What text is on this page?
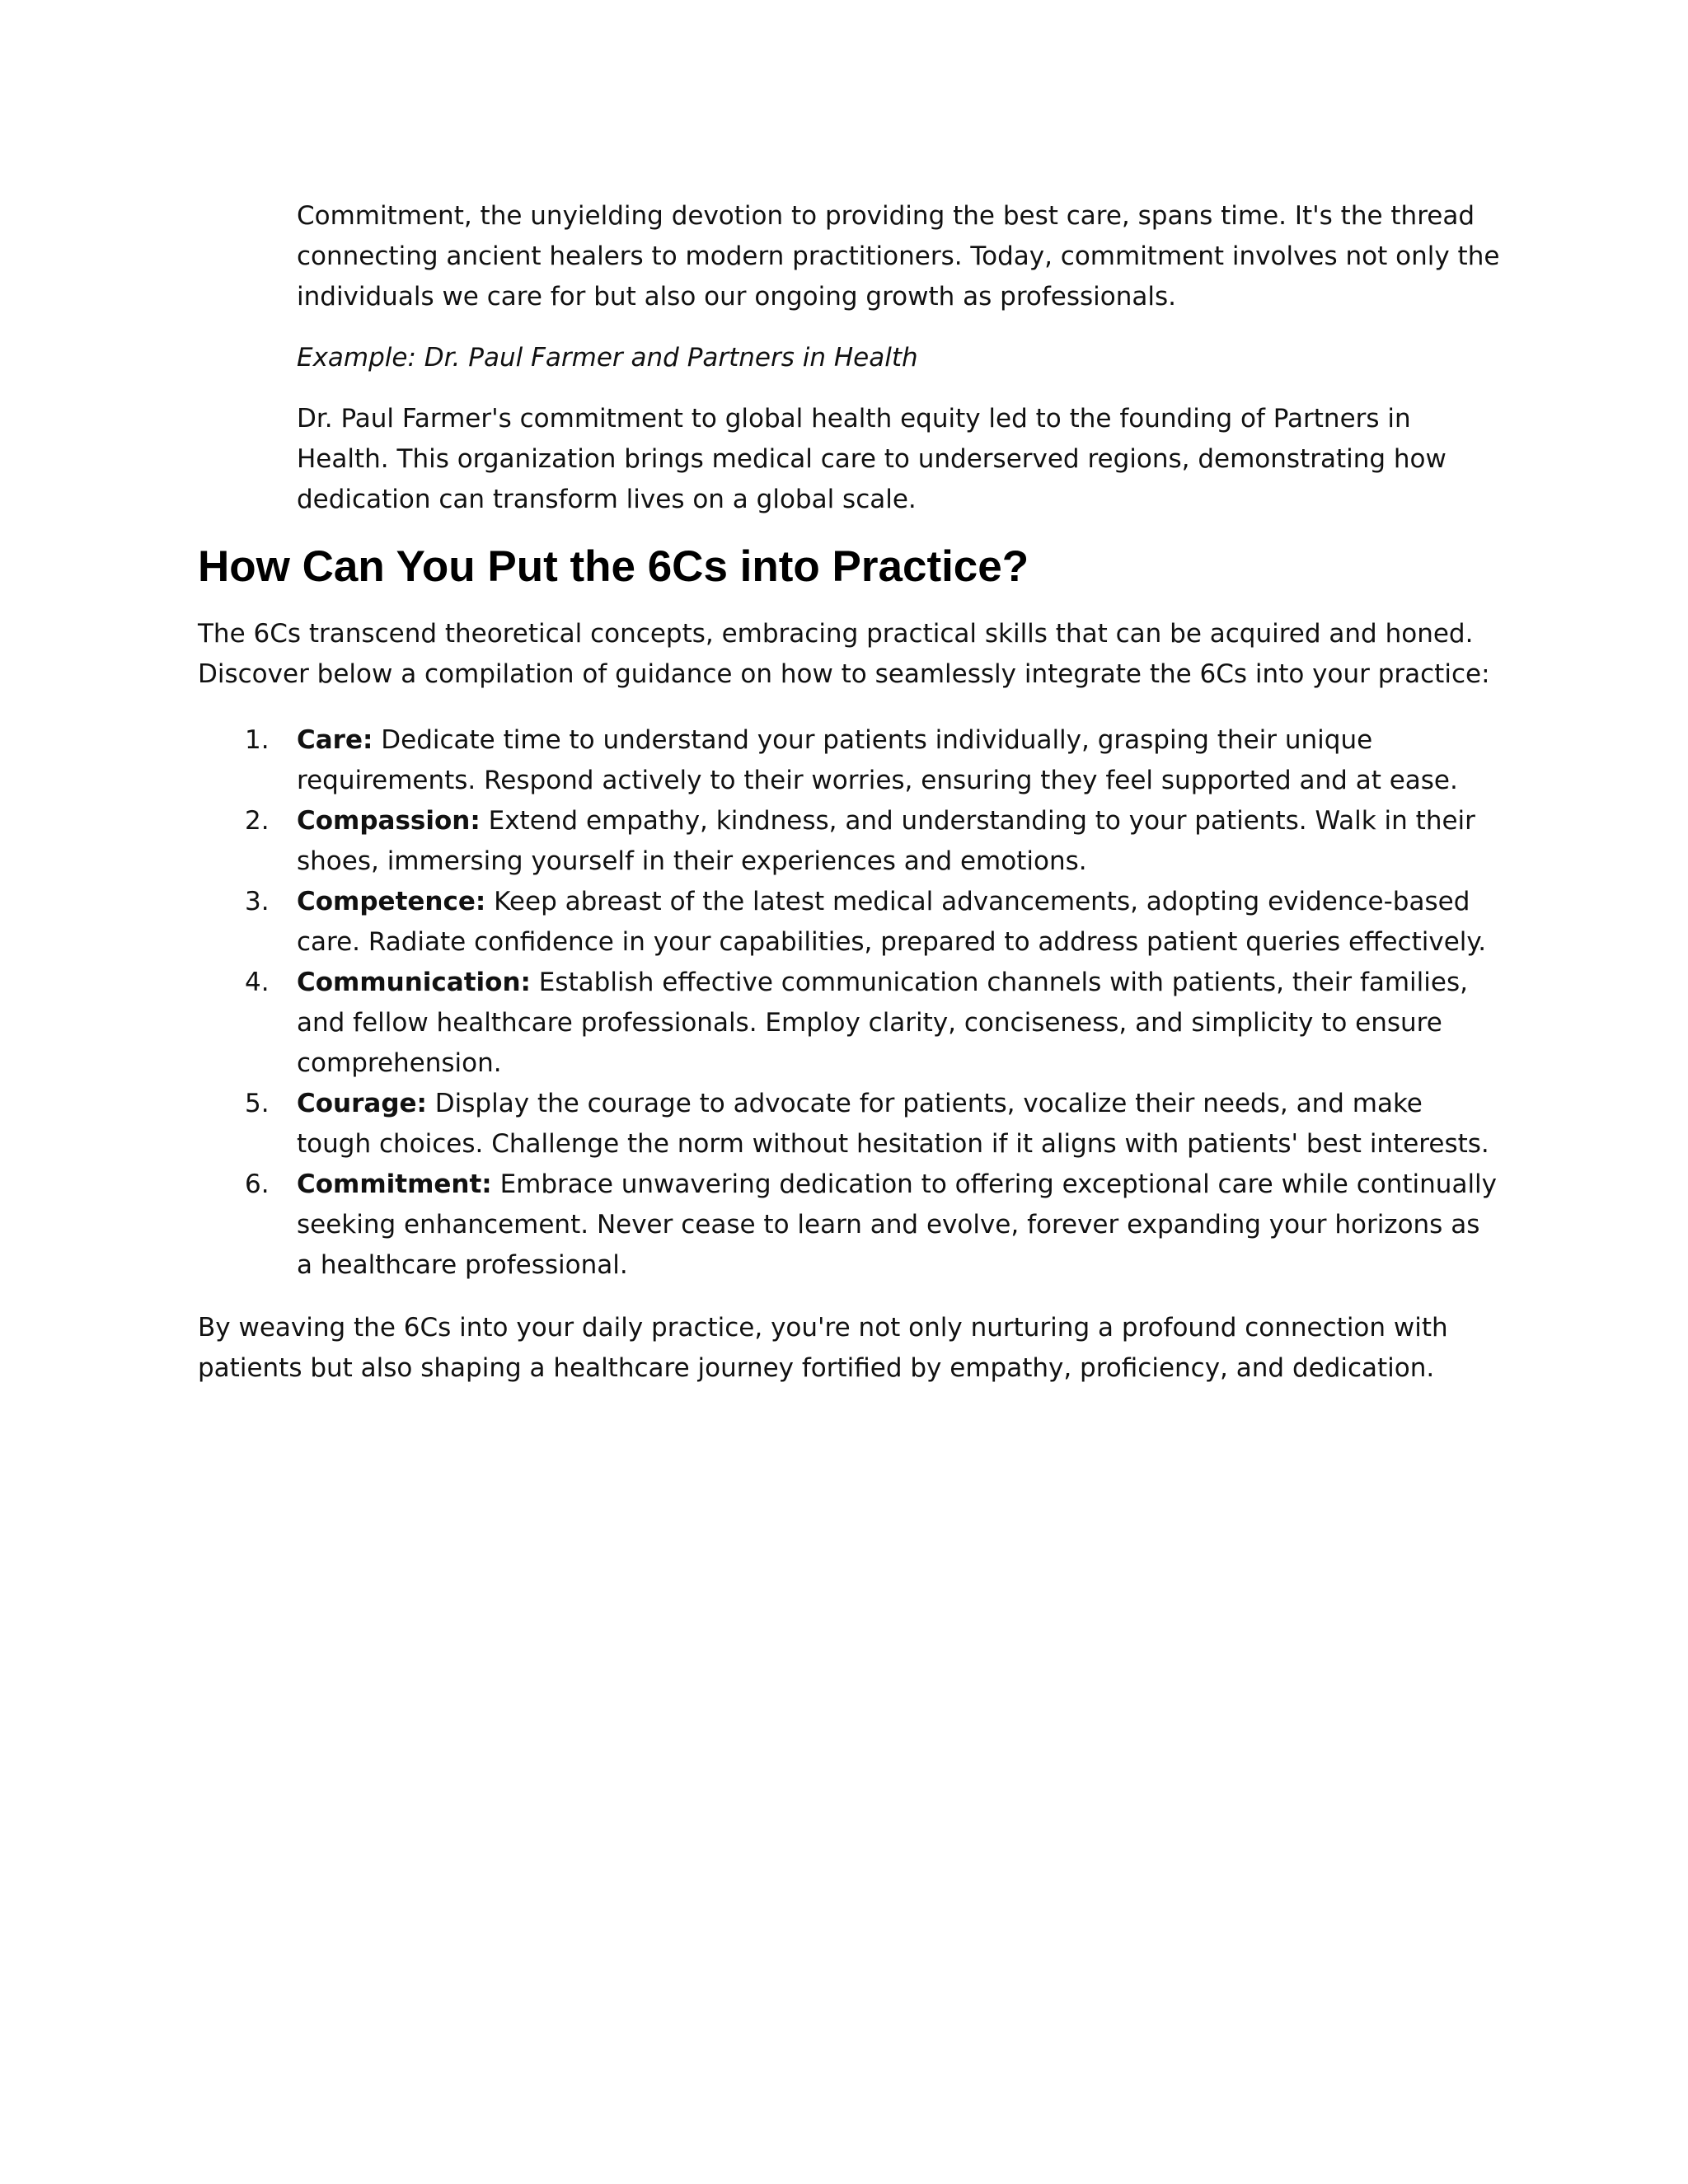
Commitment, the unyielding devotion to providing the best care, spans time. It's the thread connecting ancient healers to modern practitioners. Today, commitment involves not only the individuals we care for but also our ongoing growth as professionals.

Example: Dr. Paul Farmer and Partners in Health

Dr. Paul Farmer's commitment to global health equity led to the founding of Partners in Health. This organization brings medical care to underserved regions, demonstrating how dedication can transform lives on a global scale.

How Can You Put the 6Cs into Practice?

The 6Cs transcend theoretical concepts, embracing practical skills that can be acquired and honed. Discover below a compilation of guidance on how to seamlessly integrate the 6Cs into your practice:

1. Care: Dedicate time to understand your patients individually, grasping their unique requirements. Respond actively to their worries, ensuring they feel supported and at ease.
2. Compassion: Extend empathy, kindness, and understanding to your patients. Walk in their shoes, immersing yourself in their experiences and emotions.
3. Competence: Keep abreast of the latest medical advancements, adopting evidence-based care. Radiate confidence in your capabilities, prepared to address patient queries effectively.
4. Communication: Establish effective communication channels with patients, their families, and fellow healthcare professionals. Employ clarity, conciseness, and simplicity to ensure comprehension.
5. Courage: Display the courage to advocate for patients, vocalize their needs, and make tough choices. Challenge the norm without hesitation if it aligns with patients' best interests.
6. Commitment: Embrace unwavering dedication to offering exceptional care while continually seeking enhancement. Never cease to learn and evolve, forever expanding your horizons as a healthcare professional.

By weaving the 6Cs into your daily practice, you're not only nurturing a profound connection with patients but also shaping a healthcare journey fortified by empathy, proficiency, and dedication.
